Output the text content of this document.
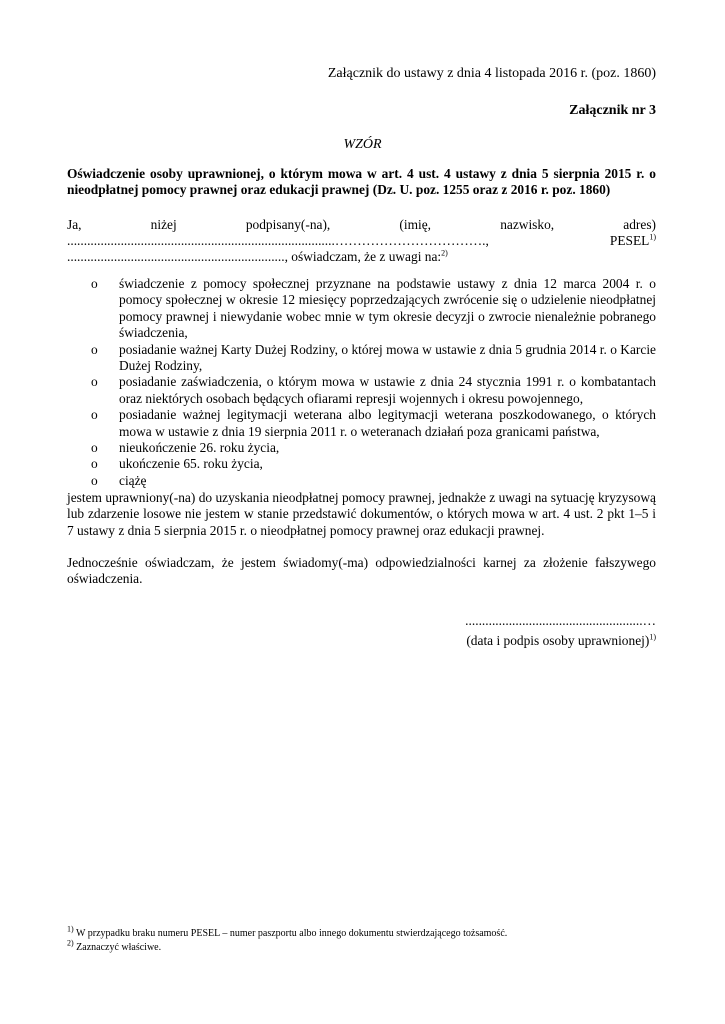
Załącznik do ustawy z dnia 4 listopada 2016 r. (poz. 1860)
Załącznik nr 3
WZÓR
Oświadczenie osoby uprawnionej, o którym mowa w art. 4 ust. 4 ustawy z dnia 5 sierpnia 2015 r. o nieodpłatnej pomocy prawnej oraz edukacji prawnej (Dz. U. poz. 1255 oraz z 2016 r. poz. 1860)
Ja, niżej podpisany(-na), (imię, nazwisko, adres)
................................................................................…………………………….,	PESEL$^{1)}$
................................................................., oświadczam, że z uwagi na:$^{2)}$
o świadczenie z pomocy społecznej przyznane na podstawie ustawy z dnia 12 marca 2004 r. o pomocy społecznej w okresie 12 miesięcy poprzedzających zwrócenie się o udzielenie nieodpłatnej pomocy prawnej i niewydanie wobec mnie w tym okresie decyzji o zwrocie nienależnie pobranego świadczenia,
o posiadanie ważnej Karty Dużej Rodziny, o której mowa w ustawie z dnia 5 grudnia 2014 r. o Karcie Dużej Rodziny,
o posiadanie zaświadczenia, o którym mowa w ustawie z dnia 24 stycznia 1991 r. o kombatantach oraz niektórych osobach będących ofiarami represji wojennych i okresu powojennego,
o posiadanie ważnej legitymacji weterana albo legitymacji weterana poszkodowanego, o których mowa w ustawie z dnia 19 sierpnia 2011 r. o weteranach działań poza granicami państwa,
o nieukończenie 26. roku życia,
o ukończenie 65. roku życia,
o ciążę
jestem uprawniony(-na) do uzyskania nieodpłatnej pomocy prawnej, jednakże z uwagi na sytuację kryzysową lub zdarzenie losowe nie jestem w stanie przedstawić dokumentów, o których mowa w art. 4 ust. 2 pkt 1–5 i 7 ustawy z dnia 5 sierpnia 2015 r. o nieodpłatnej pomocy prawnej oraz edukacji prawnej.
Jednocześnie oświadczam, że jestem świadomy(-ma) odpowiedzialności karnej za złożenie fałszywego oświadczenia.
.....................................................…
(data i podpis osoby uprawnionej)$^{1)}$
$^{1)}$ W przypadku braku numeru PESEL – numer paszportu albo innego dokumentu stwierdzającego tożsamość.
$^{2)}$ Zaznaczyć właściwe.
